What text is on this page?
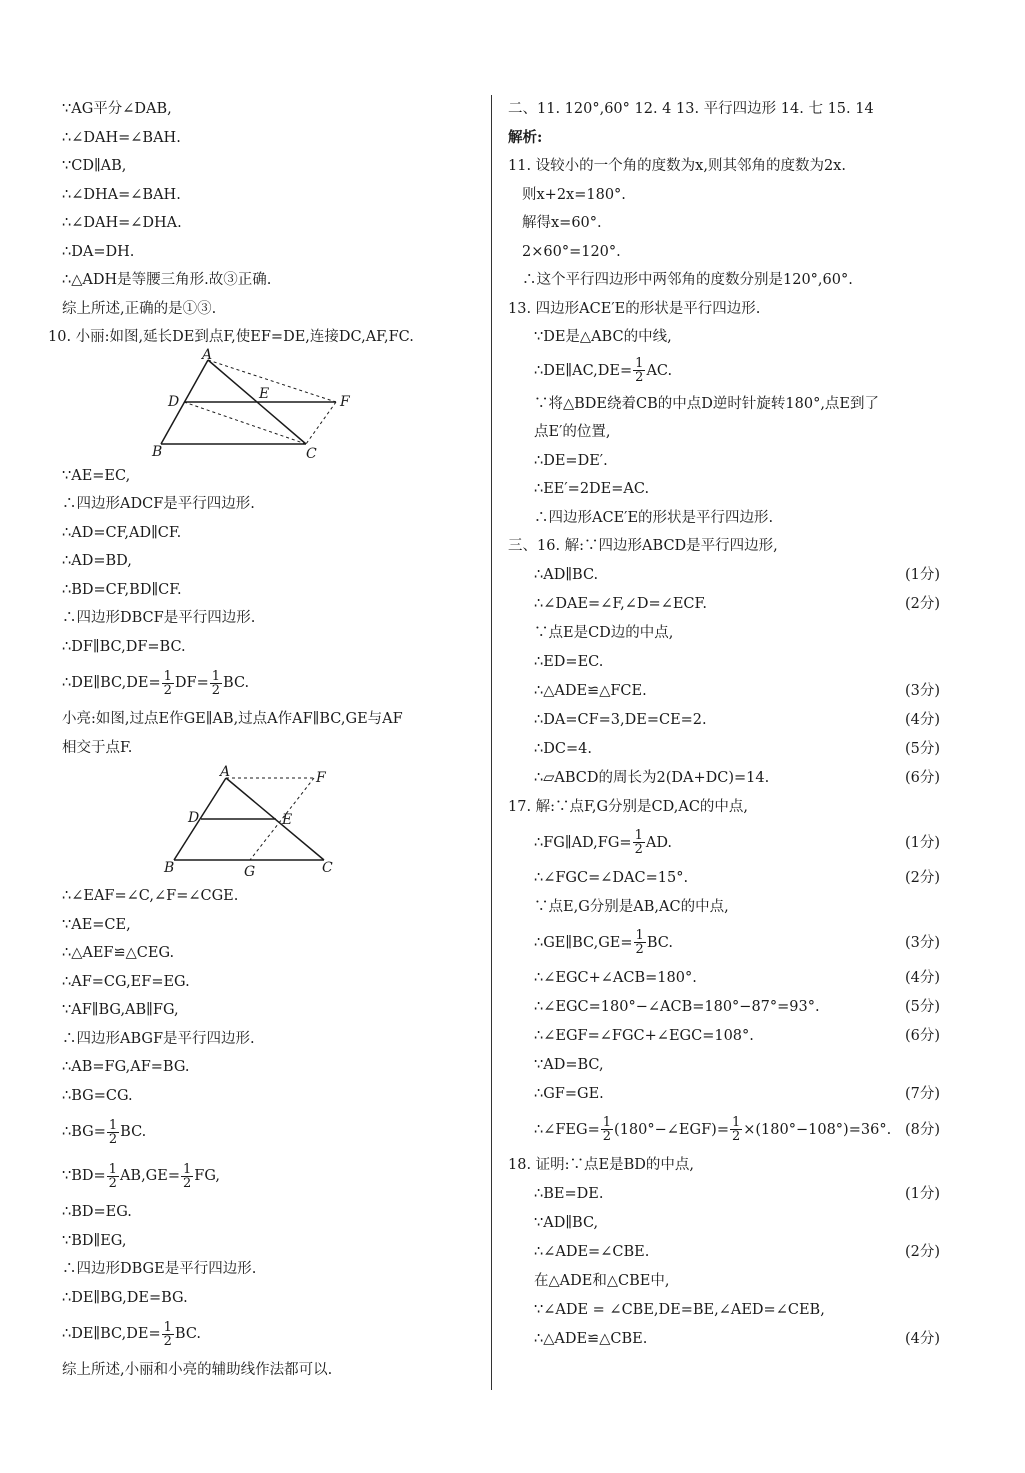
∵AG平分∠DAB,
∴∠DAH=∠BAH.
∵CD∥AB,
∴∠DHA=∠BAH.
∴∠DAH=∠DHA.
∴DA=DH.
∴△ADH是等腰三角形.故③正确.
综上所述,正确的是①③.
10. 小丽:如图,延长DE到点F,使EF=DE,连接DC,AF,FC.
A
D	E	F
B	C
∵AE=EC,
∴四边形ADCF是平行四边形.
∴AD=CF,AD∥CF.
∴AD=BD,
∴BD=CF,BD∥CF.
∴四边形DBCF是平行四边形.
∴DF∥BC,DF=BC.
∴DE∥BC,DE= $\frac{1}{2} DF= \frac{1}{2}$ BC.
小亮:如图,过点E作GE∥AB,过点A作AF∥BC,GE与AF
相交于点F.
A	F
D	E
B	G	C
∴∠EAF=∠C,∠F=∠CGE.
∵AE=CE,
∴△AEF≌△CEG.
∴AF=CG,EF=EG.
∵AF∥BG,AB∥FG,
∴四边形ABGF是平行四边形.
∴AB=FG,AF=BG.
∴BG=CG.
∴BG= $\frac{1}{2}$ BC.
∵BD= $\frac{1}{2} AB,GE= \frac{1}{2}$ FG,
∴BD=EG.
∵BD∥EG,
∴四边形DBGE是平行四边形.
∴DE∥BG,DE=BG.
∴DE∥BC,DE= $\frac{1}{2}$ BC.
综上所述,小丽和小亮的辅助线作法都可以.
二、11. 120°,60° 12. 4 13. 平行四边形 14. 七 15. 14
解析:
11. 设较小的一个角的度数为x,则其邻角的度数为2x.
则x+2x=180°.
解得x=60°.
2×60°=120°.
∴这个平行四边形中两邻角的度数分别是120°,60°.
13. 四边形ACE′E的形状是平行四边形.
∵DE是△ABC的中线,
∴DE∥AC,DE= $\frac{1}{2}$ AC.
∵将△BDE绕着CB的中点D逆时针旋转180°,点E到了
点E′的位置,
∴DE=DE′.
∴EE′=2DE=AC.
∴四边形ACE′E的形状是平行四边形.
三、16. 解:∵四边形ABCD是平行四边形,
∴AD∥BC.	(1分)
∴∠DAE=∠F,∠D=∠ECF.	(2分)
∵点E是CD边的中点,
∴ED=EC.
∴△ADE≌△FCE.	(3分)
∴DA=CF=3,DE=CE=2.	(4分)
∴DC=4.	(5分)
∴▱ABCD的周长为2(DA+DC)=14.	(6分)
17. 解:∵点F,G分别是CD,AC的中点,
∴FG∥AD,FG= $\frac{1}{2}$ AD.	(1分)
∴∠FGC=∠DAC=15°.	(2分)
∵点E,G分别是AB,AC的中点,
∴GE∥BC,GE= $\frac{1}{2}$ BC.	(3分)
∴∠EGC+∠ACB=180°.	(4分)
∴∠EGC=180°−∠ACB=180°−87°=93°.	(5分)
∴∠EGF=∠FGC+∠EGC=108°.	(6分)
∵AD=BC,
∴GF=GE.	(7分)
∴∠FEG= $\frac{1}{2}$ (180°−∠EGF)= $\frac{1}{2} \times(180^\circ-108^\circ)=36^\circ$. (8分)
18. 证明:∵点E是BD的中点,
∴BE=DE.	(1分)
∵AD∥BC,
∴∠ADE=∠CBE.	(2分)
在△ADE和△CBE中,
∵∠ADE = ∠CBE,DE=BE,∠AED=∠CEB,
∴△ADE≌△CBE.	(4分)
